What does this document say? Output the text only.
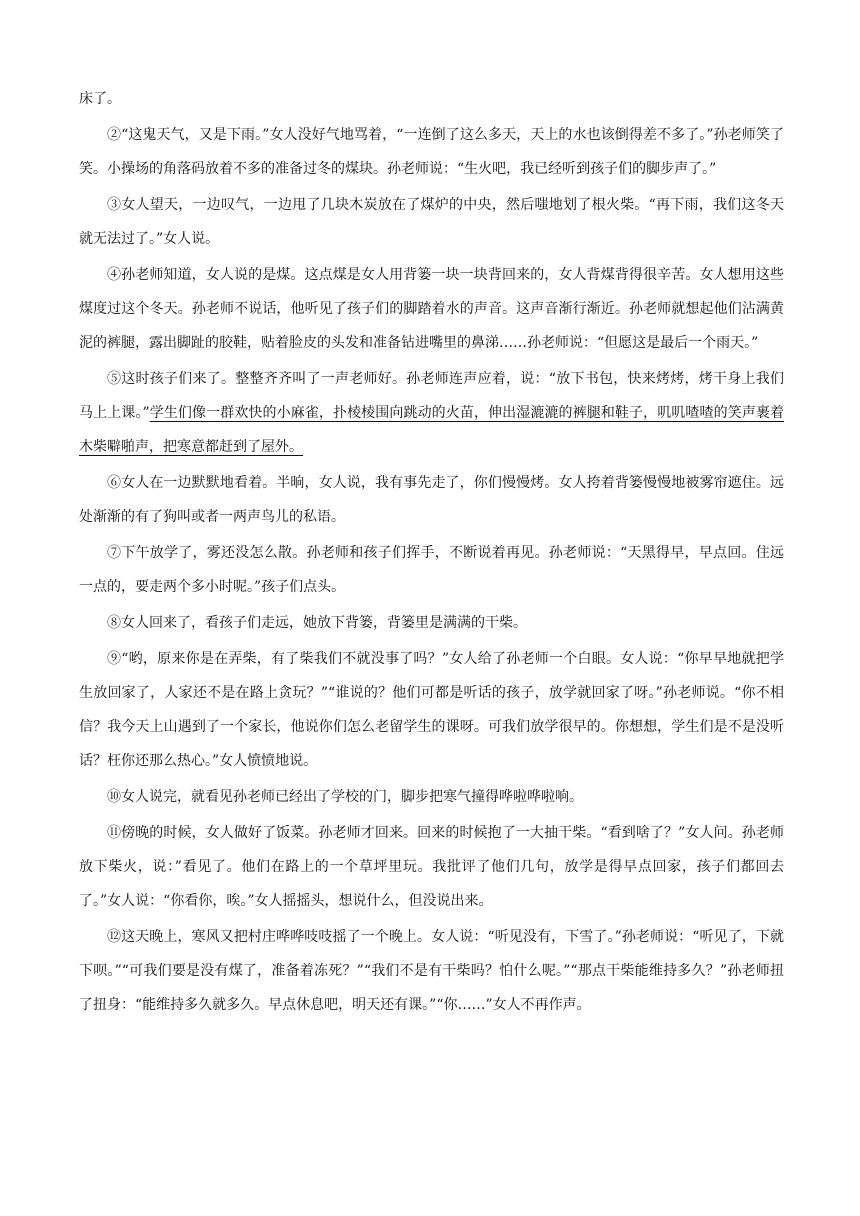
床了。

②“这鬼天气，又是下雨。”女人没好气地骂着，“一连倒了这么多天，天上的水也该倒得差不多了。”孙老师笑了笑。小操场的角落码放着不多的准备过冬的煤块。孙老师说：“生火吧，我已经听到孩子们的脚步声了。”

③女人望天，一边叹气，一边甩了几块木炭放在了煤炉的中央，然后嗤地划了根火柴。“再下雨，我们这冬天就无法过了。”女人说。

④孙老师知道，女人说的是煤。这点煤是女人用背篓一块一块背回来的，女人背煤背得很辛苦。女人想用这些煤度过这个冬天。孙老师不说话，他听见了孩子们的脚踏着水的声音。这声音渐行渐近。孙老师就想起他们沾满黄泥的裤腿，露出脚趾的胶鞋，贴着脸皮的头发和准备钻进嘴里的鼻涕……孙老师说：“但愿这是最后一个雨天。”

⑤这时孩子们来了。整整齐齐叫了一声老师好。孙老师连声应着，说：“放下书包，快来烤烤，烤干身上我们马上上课。”学生们像一群欢快的小麻雀，扑棱棱围向跳动的火苗，伸出湿漉漉的裤腿和鞋子，叽叽喳喳的笑声裹着木柴噼啪声，把寒意都赶到了屋外。

⑥女人在一边默默地看着。半晌，女人说，我有事先走了，你们慢慢烤。女人挎着背篓慢慢地被雾帘遮住。远处渐渐的有了狗叫或者一两声鸟儿的私语。

⑦下午放学了，雾还没怎么散。孙老师和孩子们挥手，不断说着再见。孙老师说：“天黑得早，早点回。住远一点的，要走两个多小时呢。”孩子们点头。

⑧女人回来了，看孩子们走远，她放下背篓，背篓里是满满的干柴。

⑨“哟，原来你是在弄柴，有了柴我们不就没事了吗？”女人给了孙老师一个白眼。女人说：“你早早地就把学生放回家了，人家还不是在路上贪玩？”“谁说的？他们可都是听话的孩子，放学就回家了呀。”孙老师说。“你不相信？我今天上山遇到了一个家长，他说你们怎么老留学生的课呀。可我们放学很早的。你想想，学生们是不是没听话？枉你还那么热心。”女人愤愤地说。

⑩女人说完，就看见孙老师已经出了学校的门，脚步把寒气撞得哗啦哗啦响。

⑪傍晚的时候，女人做好了饭菜。孙老师才回来。回来的时候抱了一大抽干柴。“看到啥了？”女人问。孙老师放下柴火，说：”看见了。他们在路上的一个草坪里玩。我批评了他们几句，放学是得早点回家，孩子们都回去了。”女人说：“你看你，唉。”女人摇摇头，想说什么，但没说出来。

⑫这天晚上，寒风又把村庄哗哗吱吱摇了一个晚上。女人说：“听见没有，下雪了。”孙老师说：“听见了，下就下呗。”“可我们要是没有煤了，准备着冻死？”“我们不是有干柴吗？怕什么呢。”“那点干柴能维持多久？”孙老师扭了扭身：“能维持多久就多久。早点休息吧，明天还有课。”“你……”女人不再作声。
